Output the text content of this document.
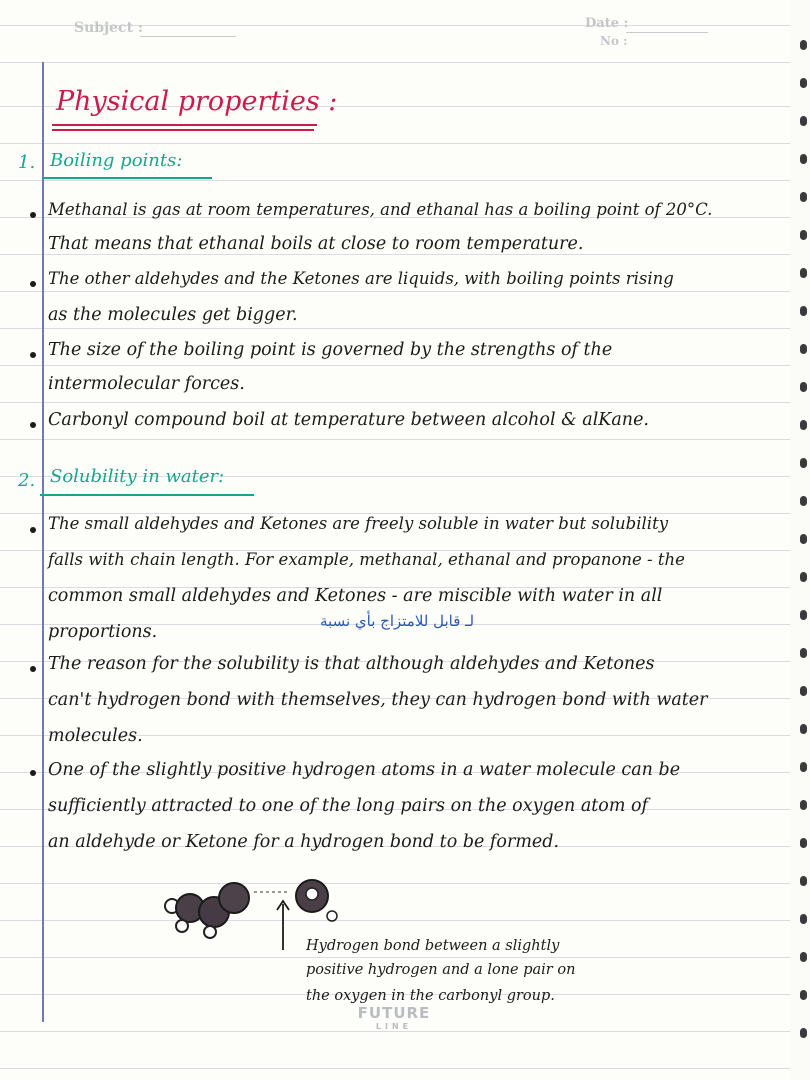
Subject :	Date :
No :
Physical properties :
1. Boiling points:
Methanal is gas at room temperatures, and ethanal has a boiling point of 20°C.
That means that ethanal boils at close to room temperature.
The other aldehydes and the Ketones are liquids, with boiling points rising
as the molecules get bigger.
The size of the boiling point is governed by the strengths of the
intermolecular forces.
Carbonyl compound boil at temperature between alcohol & alKane.
2. Solubility in water:
The small aldehydes and Ketones are freely soluble in water but solubility
falls with chain length. For example, methanal, ethanal and propanone - the
common small aldehydes and Ketones - are miscible with water in all
proportions.
لـ قابل للامتزاج بأي نسبة
The reason for the solubility is that although aldehydes and Ketones
can't hydrogen bond with themselves, they can hydrogen bond with water
molecules.
One of the slightly positive hydrogen atoms in a water molecule can be
sufficiently attracted to one of the long pairs on the oxygen atom of
an aldehyde or Ketone for a hydrogen bond to be formed.
Hydrogen bond between a slightly
positive hydrogen and a lone pair on
the oxygen in the carbonyl group.
FUTURE
LINE
